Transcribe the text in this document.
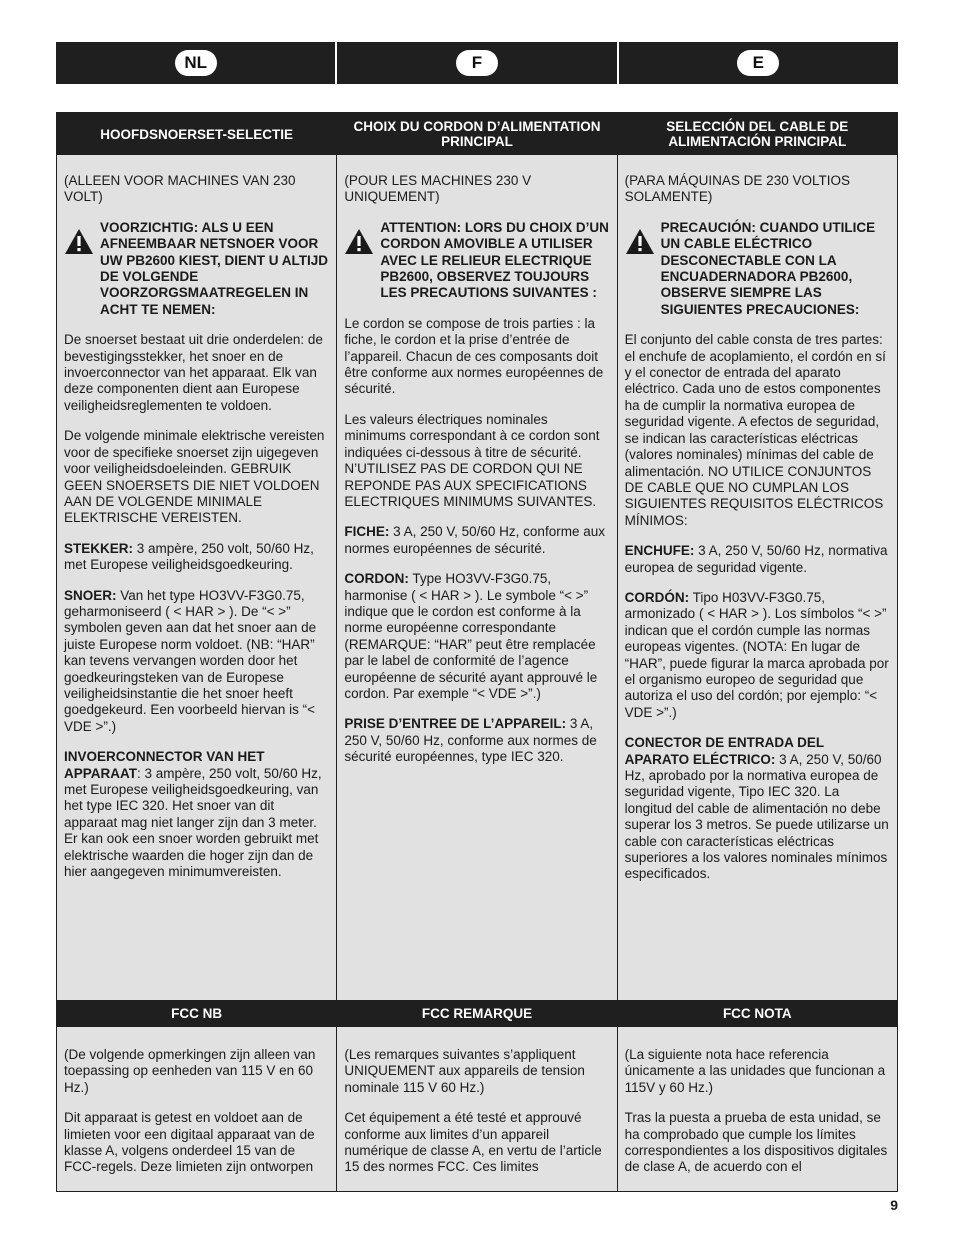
NL	F	E
HOOFDSNOERSET-SELECTIE

(ALLEEN VOOR MACHINES VAN 230 VOLT)

VOORZICHTIG: ALS U EEN AFNEEMBAAR NETSNOER VOOR UW PB2600 KIEST, DIENT U ALTIJD DE VOLGENDE VOORZORGSMAATREGELEN IN ACHT TE NEMEN:

De snoerset bestaat uit drie onderdelen: de bevestigingsstekker, het snoer en de invoerconnector van het apparaat. Elk van deze componenten dient aan Europese veiligheidsreglementen te voldoen.

De volgende minimale elektrische vereisten voor de specifieke snoerset zijn uigegeven voor veiligheidsdoeleinden. GEBRUIK GEEN SNOERSETS DIE NIET VOLDOEN AAN DE VOLGENDE MINIMALE ELEKTRISCHE VEREISTEN.

STEKKER: 3 ampère, 250 volt, 50/60 Hz, met Europese veiligheidsgoedkeuring.

SNOER: Van het type HO3VV-F3G0.75, geharmoniseerd ( < HAR > ). De “< >” symbolen geven aan dat het snoer aan de juiste Europese norm voldoet. (NB: “HAR” kan tevens vervangen worden door het goedkeuringsteken van de Europese veiligheidsinstantie die het snoer heeft goedgekeurd. Een voorbeeld hiervan is “< VDE >”.)

INVOERCONNECTOR VAN HET APPARAAT: 3 ampère, 250 volt, 50/60 Hz, met Europese veiligheidsgoedkeuring, van het type IEC 320. Het snoer van dit apparaat mag niet langer zijn dan 3 meter. Er kan ook een snoer worden gebruikt met elektrische waarden die hoger zijn dan de hier aangegeven minimumvereisten.

FCC NB

(De volgende opmerkingen zijn alleen van toepassing op eenheden van 115 V en 60 Hz.)

Dit apparaat is getest en voldoet aan de limieten voor een digitaal apparaat van de klasse A, volgens onderdeel 15 van de FCC-regels. Deze limieten zijn ontworpen

CHOIX DU CORDON D’ALIMENTATION PRINCIPAL

(POUR LES MACHINES 230 V UNIQUEMENT)

ATTENTION: LORS DU CHOIX D’UN CORDON AMOVIBLE A UTILISER AVEC LE RELIEUR ELECTRIQUE PB2600, OBSERVEZ TOUJOURS LES PRECAUTIONS SUIVANTES :

Le cordon se compose de trois parties : la fiche, le cordon et la prise d’entrée de l’appareil. Chacun de ces composants doit être conforme aux normes européennes de sécurité.

Les valeurs électriques nominales minimums correspondant à ce cordon sont indiquées ci-dessous à titre de sécurité. N’UTILISEZ PAS DE CORDON QUI NE REPONDE PAS AUX SPECIFICATIONS ELECTRIQUES MINIMUMS SUIVANTES.

FICHE: 3 A, 250 V, 50/60 Hz, conforme aux normes européennes de sécurité.

CORDON: Type HO3VV-F3G0.75, harmonise ( < HAR > ). Le symbole “< >” indique que le cordon est conforme à la norme européenne correspondante (REMARQUE: “HAR” peut être remplacée par le label de conformité de l’agence européenne de sécurité ayant approuvé le cordon. Par exemple “< VDE >”.)

PRISE D’ENTREE DE L’APPAREIL: 3 A, 250 V, 50/60 Hz, conforme aux normes de sécurité européennes, type IEC 320.

FCC REMARQUE

(Les remarques suivantes s’appliquent UNIQUEMENT aux appareils de tension nominale 115 V 60 Hz.)

Cet équipement a été testé et approuvé conforme aux limites d’un appareil numérique de classe A, en vertu de l’article 15 des normes FCC. Ces limites

SELECCIÓN DEL CABLE DE ALIMENTACIÓN PRINCIPAL

(PARA MÁQUINAS DE 230 VOLTIOS SOLAMENTE)

PRECAUCIÓN: CUANDO UTILICE UN CABLE ELÉCTRICO DESCONECTABLE CON LA ENCUADERNADORA PB2600, OBSERVE SIEMPRE LAS SIGUIENTES PRECAUCIONES:

El conjunto del cable consta de tres partes: el enchufe de acoplamiento, el cordón en sí y el conector de entrada del aparato eléctrico. Cada uno de estos componentes ha de cumplir la normativa europea de seguridad vigente. A efectos de seguridad, se indican las características eléctricas (valores nominales) mínimas del cable de alimentación. NO UTILICE CONJUNTOS DE CABLE QUE NO CUMPLAN LOS SIGUIENTES REQUISITOS ELÉCTRICOS MÍNIMOS:

ENCHUFE: 3 A, 250 V, 50/60 Hz, normativa europea de seguridad vigente.

CORDÓN: Tipo H03VV-F3G0.75, armonizado ( < HAR > ). Los símbolos “< >” indican que el cordón cumple las normas europeas vigentes. (NOTA: En lugar de “HAR”, puede figurar la marca aprobada por el organismo europeo de seguridad que autoriza el uso del cordón; por ejemplo: “< VDE >”.)

CONECTOR DE ENTRADA DEL APARATO ELÉCTRICO: 3 A, 250 V, 50/60 Hz, aprobado por la normativa europea de seguridad vigente, Tipo IEC 320. La longitud del cable de alimentación no debe superar los 3 metros. Se puede utilizarse un cable con características eléctricas superiores a los valores nominales mínimos especificados.

FCC NOTA

(La siguiente nota hace referencia únicamente a las unidades que funcionan a 115V y 60 Hz.)

Tras la puesta a prueba de esta unidad, se ha comprobado que cumple los límites correspondientes a los dispositivos digitales de clase A, de acuerdo con el

9
